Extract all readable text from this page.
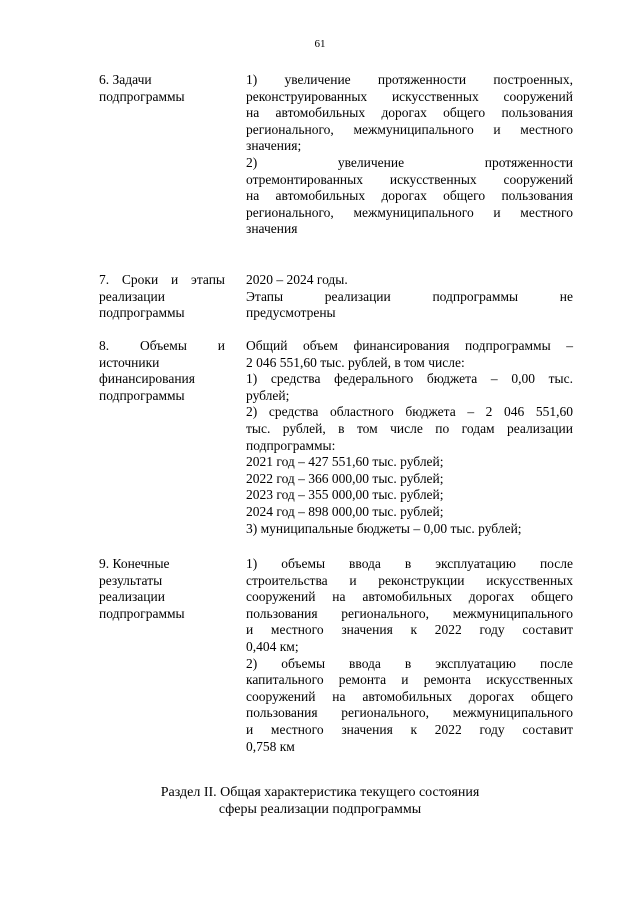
61
6. Задачи
подпрограммы
1) увеличение протяженности построенных,
реконструированных искусственных сооружений
на автомобильных дорогах общего пользования
регионального, межмуниципального и местного
значения;
2) увеличение протяженности
отремонтированных искусственных сооружений
на автомобильных дорогах общего пользования
регионального, межмуниципального и местного
значения
7. Сроки и этапы
реализации
подпрограммы
2020 – 2024 годы.
Этапы реализации подпрограммы не
предусмотрены
8. Объемы и
источники
финансирования
подпрограммы
Общий объем финансирования подпрограммы –
2 046 551,60 тыс. рублей, в том числе:
1) средства федерального бюджета – 0,00 тыс.
рублей;
2) средства областного бюджета – 2 046 551,60
тыс. рублей, в том числе по годам реализации
подпрограммы:
2021 год – 427 551,60 тыс. рублей;
2022 год – 366 000,00 тыс. рублей;
2023 год – 355 000,00 тыс. рублей;
2024 год – 898 000,00 тыс. рублей;
3) муниципальные бюджеты – 0,00 тыс. рублей;
9. Конечные
результаты
реализации
подпрограммы
1) объемы ввода в эксплуатацию после
строительства и реконструкции искусственных
сооружений на автомобильных дорогах общего
пользования регионального, межмуниципального
и местного значения к 2022 году составит
0,404 км;
2) объемы ввода в эксплуатацию после
капитального ремонта и ремонта искусственных
сооружений на автомобильных дорогах общего
пользования регионального, межмуниципального
и местного значения к 2022 году составит
0,758 км
Раздел II. Общая характеристика текущего состояния
сферы реализации подпрограммы
